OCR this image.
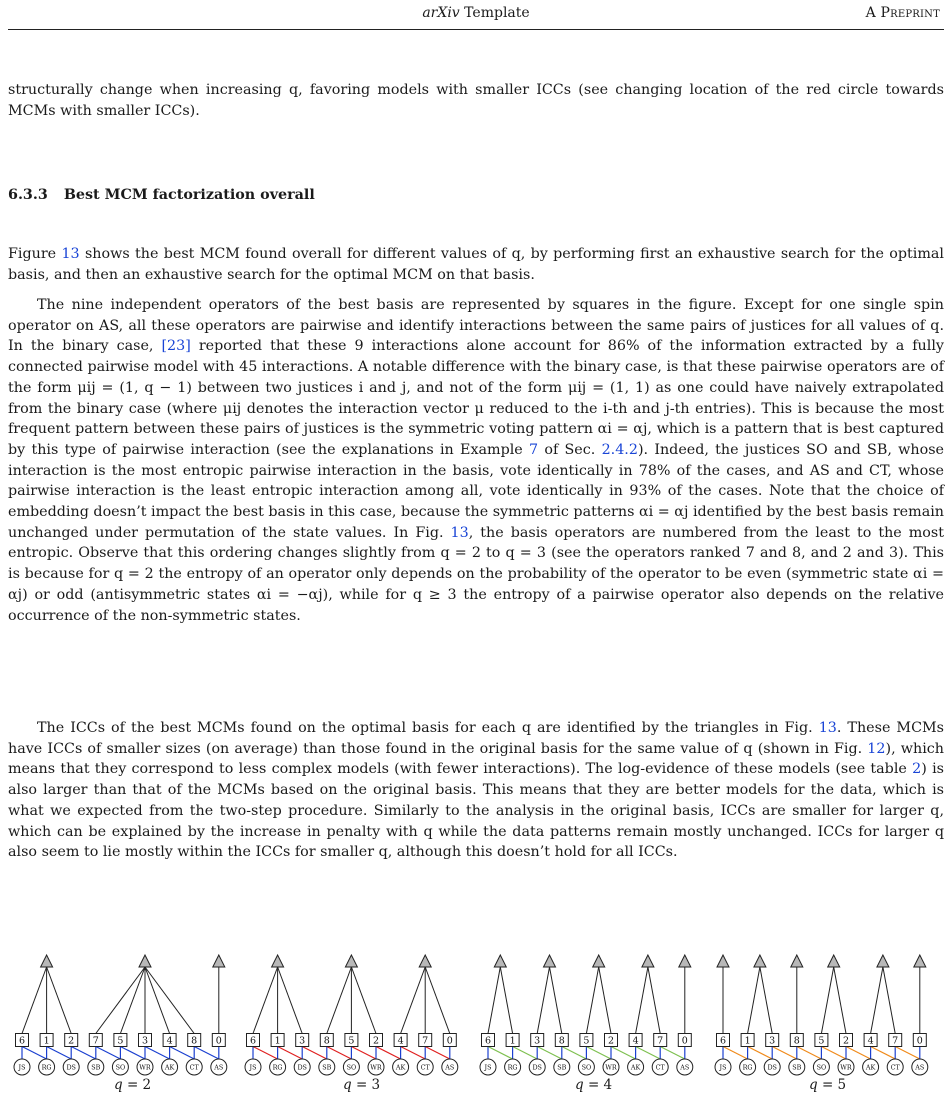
arXiv Template	A Preprint

structurally change when increasing q, favoring models with smaller ICCs (see changing location of the red circle towards MCMs with smaller ICCs).

6.3.3 Best MCM factorization overall

Figure 13 shows the best MCM found overall for different values of q, by performing first an exhaustive search for the optimal basis, and then an exhaustive search for the optimal MCM on that basis.

The nine independent operators of the best basis are represented by squares in the figure. Except for one single spin operator on AS, all these operators are pairwise and identify interactions between the same pairs of justices for all values of q. In the binary case, [23] reported that these 9 interactions alone account for 86% of the information extracted by a fully connected pairwise model with 45 interactions. A notable difference with the binary case, is that these pairwise operators are of the form μij = (1, q − 1) between two justices i and j, and not of the form μij = (1, 1) as one could have naively extrapolated from the binary case (where μij denotes the interaction vector μ reduced to the i-th and j-th entries). This is because the most frequent pattern between these pairs of justices is the symmetric voting pattern αi = αj, which is a pattern that is best captured by this type of pairwise interaction (see the explanations in Example 7 of Sec. 2.4.2). Indeed, the justices SO and SB, whose interaction is the most entropic pairwise interaction in the basis, vote identically in 78% of the cases, and AS and CT, whose pairwise interaction is the least entropic interaction among all, vote identically in 93% of the cases. Note that the choice of embedding doesn’t impact the best basis in this case, because the symmetric patterns αi = αj identified by the best basis remain unchanged under permutation of the state values. In Fig. 13, the basis operators are numbered from the least to the most entropic. Observe that this ordering changes slightly from q = 2 to q = 3 (see the operators ranked 7 and 8, and 2 and 3). This is because for q = 2 the entropy of an operator only depends on the probability of the operator to be even (symmetric state αi = αj) or odd (antisymmetric states αi = −αj), while for q ≥ 3 the entropy of a pairwise operator also depends on the relative occurrence of the non-symmetric states.

The ICCs of the best MCMs found on the optimal basis for each q are identified by the triangles in Fig. 13. These MCMs have ICCs of smaller sizes (on average) than those found in the original basis for the same value of q (shown in Fig. 12), which means that they correspond to less complex models (with fewer interactions). The log-evidence of these models (see table 2) is also larger than that of the MCMs based on the original basis. This means that they are better models for the data, which is what we expected from the two-step procedure. Similarly to the analysis in the original basis, ICCs are smaller for larger q, which can be explained by the increase in penalty with q while the data patterns remain mostly unchanged. ICCs for larger q also seem to lie mostly within the ICCs for smaller q, although this doesn’t hold for all ICCs.

6 1 2 7 5 3 4 8 0
JS	RG DS SB SO WR AK CT AS
6 1 3 8 5 2 4 7 0
JS	RG DS SB SO WR AK CT AS
6 1 3 8 5 2 4 7 0
JS	RG DS SB SO WR AK CT AS
6 1 3 8 5 2 4 7 0
JS	RG DS SB SO WR AK CT AS
q = 2	q = 3	q = 4	q = 5
